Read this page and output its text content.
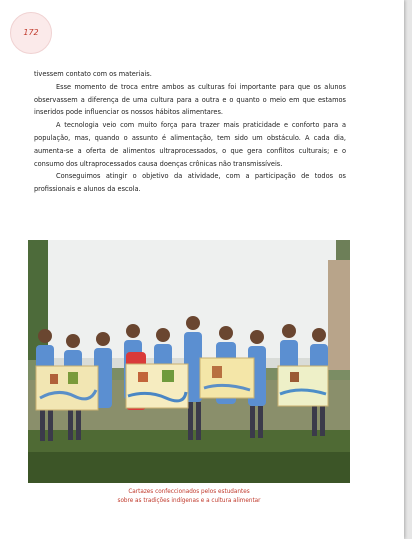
172

tivessem contato com os materiais.

Esse momento de troca entre ambos as culturas foi importante para que os alunos observassem a diferença de uma cultura para a outra e o quanto o meio em que estamos inseridos pode influenciar os nossos hábitos alimentares.

A tecnologia veio com muito força para trazer mais praticidade e conforto para a população, mas, quando o assunto é alimentação, tem sido um obstáculo. A cada dia, aumenta-se a oferta de alimentos ultraprocessados, o que gera conflitos culturais; e o consumo dos ultraprocessados causa doenças crônicas não transmissíveis.

Conseguimos atingir o objetivo da atividade, com a participação de todos os profissionais e alunos da escola.

Cartazes confeccionados pelos estudantes
sobre as tradições indígenas e a cultura alimentar
